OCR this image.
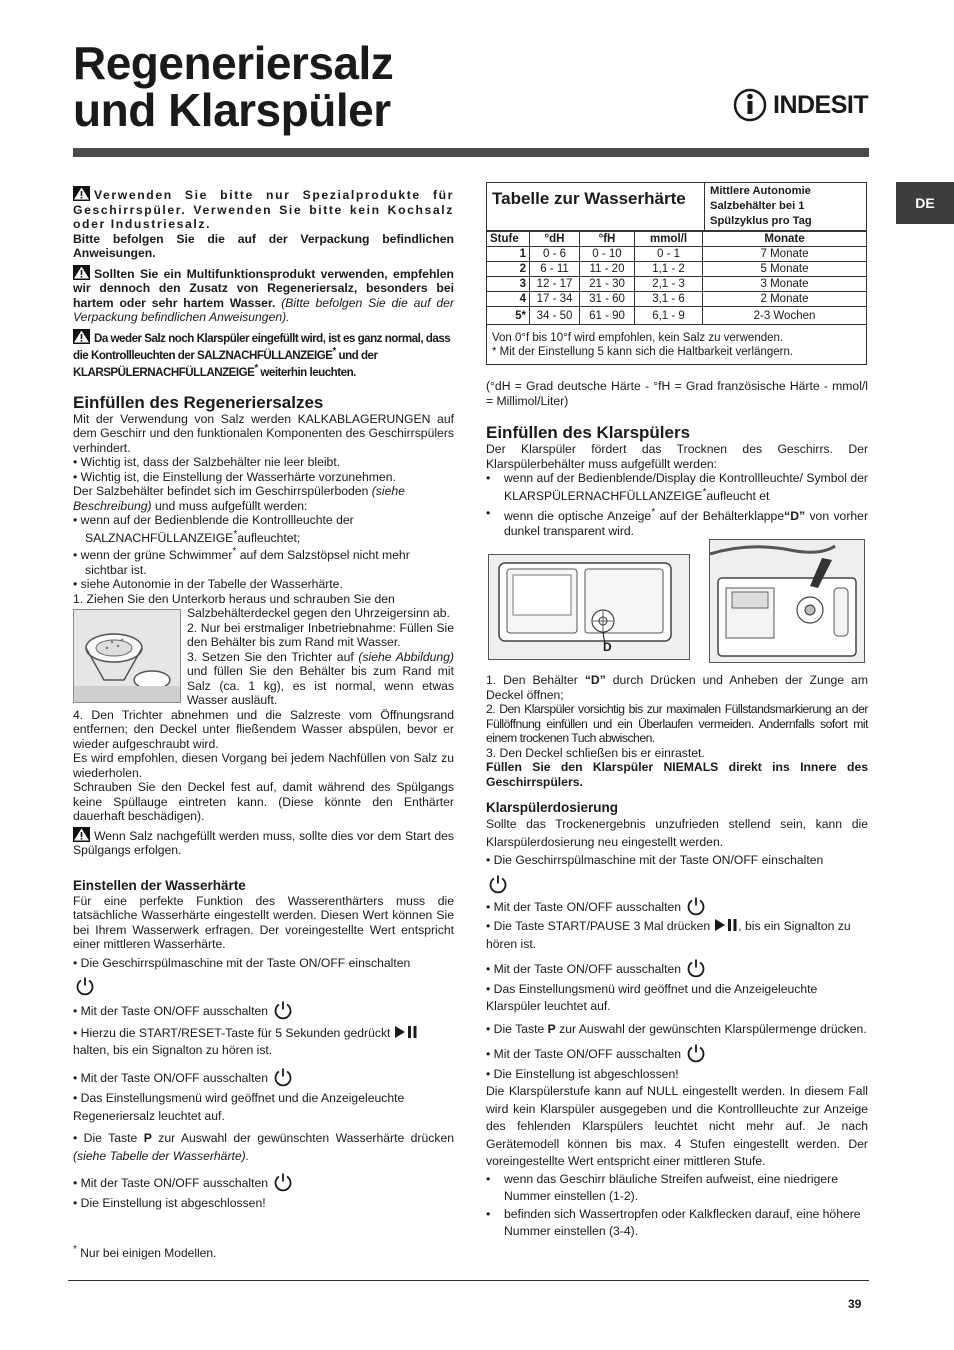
Regeneriersalz
und Klarspüler	INDESIT
DE

Verwenden Sie bitte nur Spezialprodukte für Geschirrspüler. Verwenden Sie bitte kein Kochsalz oder Industriesalz.

Bitte befolgen Sie die auf der Verpackung befindlichen Anweisungen.

Sollten Sie ein Multifunktionsprodukt verwenden, empfehlen wir dennoch den Zusatz von Regeneriersalz, besonders bei hartem oder sehr hartem Wasser. (Bitte befolgen Sie die auf der Verpackung befindlichen Anweisungen).

Da weder Salz noch Klarspüler eingefüllt wird, ist es ganz normal, dass die Kontrollleuchten der SALZNACHFÜLLANZEIGE* und der KLARSPÜLERNACHFÜLLANZEIGE* weiterhin leuchten.

Einfüllen des Regeneriersalzes

Mit der Verwendung von Salz werden KALKABLAGERUNGEN auf dem Geschirr und den funktionalen Komponenten des Geschirrspülers verhindert.

• Wichtig ist, dass der Salzbehälter nie leer bleibt.

• Wichtig ist, die Einstellung der Wasserhärte vorzunehmen.

Der Salzbehälter befindet sich im Geschirrspülerboden (siehe Beschreibung) und muss aufgefüllt werden:

• wenn auf der Bedienblende die Kontrollleuchte der SALZNACHFÜLLANZEIGE*aufleuchtet;

• wenn der grüne Schwimmer* auf dem Salzstöpsel nicht mehr sichtbar ist.

• siehe Autonomie in der Tabelle der Wasserhärte.

1. Ziehen Sie den Unterkorb heraus und schrauben Sie den

Salzbehälterdeckel gegen den Uhrzeigersinn ab.

2. Nur bei erstmaliger Inbetriebnahme: Füllen Sie den Behälter bis zum Rand mit Wasser.

3. Setzen Sie den Trichter auf (siehe Abbildung) und füllen Sie den Behälter bis zum Rand mit Salz (ca. 1 kg), es ist normal, wenn etwas Wasser ausläuft.

4. Den Trichter abnehmen und die Salzreste vom Öffnungsrand entfernen; den Deckel unter fließendem Wasser abspülen, bevor er wieder aufgeschraubt wird.

Es wird empfohlen, diesen Vorgang bei jedem Nachfüllen von Salz zu wiederholen.

Schrauben Sie den Deckel fest auf, damit während des Spülgangs keine Spüllauge eintreten kann. (Diese könnte den Enthärter dauerhaft beschädigen).

Wenn Salz nachgefüllt werden muss, sollte dies vor dem Start des Spülgangs erfolgen.

Einstellen der Wasserhärte

Für eine perfekte Funktion des Wasserenthärters muss die tatsächliche Wasserhärte eingestellt werden. Diesen Wert können Sie bei Ihrem Wasserwerk erfragen. Der voreingestellte Wert entspricht einer mittleren Wasserhärte.

• Die Geschirrspülmaschine mit der Taste ON/OFF einschalten

• Mit der Taste ON/OFF ausschalten

• Hierzu die START/RESET-Taste für 5 Sekunden gedrückt

halten, bis ein Signalton zu hören ist.

• Mit der Taste ON/OFF ausschalten

• Das Einstellungsmenü wird geöffnet und die Anzeigeleuchte Regeneriersalz leuchtet auf.

• Die Taste P zur Auswahl der gewünschten Wasserhärte drücken (siehe Tabelle der Wasserhärte).

• Mit der Taste ON/OFF ausschalten

• Die Einstellung ist abgeschlossen!

* Nur bei einigen Modellen.
Tabelle zur Wasserhärte	Mittlere Autonomie Salzbehälter bei 1 Spülzyklus pro Tag
Stufe	°dH	°fH	mmol/l	Monate
1	0 - 6	0 - 10	0 - 1	7 Monate
2	6 - 11	11 - 20	1,1 - 2	5 Monate
3	12 - 17	21 - 30	2,1 - 3	3 Monate
4	17 - 34	31 - 60	3,1 - 6	2 Monate
5*	34 - 50	61 - 90	6,1 - 9	2-3 Wochen

Von 0°f bis 10°f wird empfohlen, kein Salz zu verwenden.

* Mit der Einstellung 5 kann sich die Haltbarkeit verlängern.

(°dH = Grad deutsche Härte - °fH = Grad französische Härte - mmol/l = Millimol/Liter)

Einfüllen des Klarspülers

Der Klarspüler fördert das Trocknen des Geschirrs. Der Klarspülerbehälter muss aufgefüllt werden:

• wenn auf der Bedienblende/Display die Kontrollleuchte/ Symbol der KLARSPÜLERNACHFÜLLANZEIGE*aufleucht et

• wenn die optische Anzeige* auf der Behälterklappe“D” von vorher dunkel transparent wird.

D

1. Den Behälter “D” durch Drücken und Anheben der Zunge am Deckel öffnen;

2. Den Klarspüler vorsichtig bis zur maximalen Füllstandsmarkierung an der Füllöffnung einfüllen und ein Überlaufen vermeiden. Andernfalls sofort mit einem trockenen Tuch abwischen.

3. Den Deckel schließen bis er einrastet.

Füllen Sie den Klarspüler NIEMALS direkt ins Innere des Geschirrspülers.

Klarspülerdosierung

Sollte das Trockenergebnis unzufrieden stellend sein, kann die Klarspülerdosierung neu eingestellt werden.

• Die Geschirrspülmaschine mit der Taste ON/OFF einschalten

• Mit der Taste ON/OFF ausschalten

• Die Taste START/PAUSE 3 Mal drücken , bis ein Signalton zu hören ist.

• Mit der Taste ON/OFF ausschalten

• Das Einstellungsmenü wird geöffnet und die Anzeigeleuchte Klarspüler leuchtet auf.

• Die Taste P zur Auswahl der gewünschten Klarspülermenge drücken.

• Mit der Taste ON/OFF ausschalten

• Die Einstellung ist abgeschlossen!

Die Klarspülerstufe kann auf NULL eingestellt werden. In diesem Fall wird kein Klarspüler ausgegeben und die Kontrollleuchte zur Anzeige des fehlenden Klarspülers leuchtet nicht mehr auf. Je nach Gerätemodell können bis max. 4 Stufen eingestellt werden. Der voreingestellte Wert entspricht einer mittleren Stufe.

• wenn das Geschirr bläuliche Streifen aufweist, eine niedrigere Nummer einstellen (1-2).

• befinden sich Wassertropfen oder Kalkflecken darauf, eine höhere Nummer einstellen (3-4).

39
